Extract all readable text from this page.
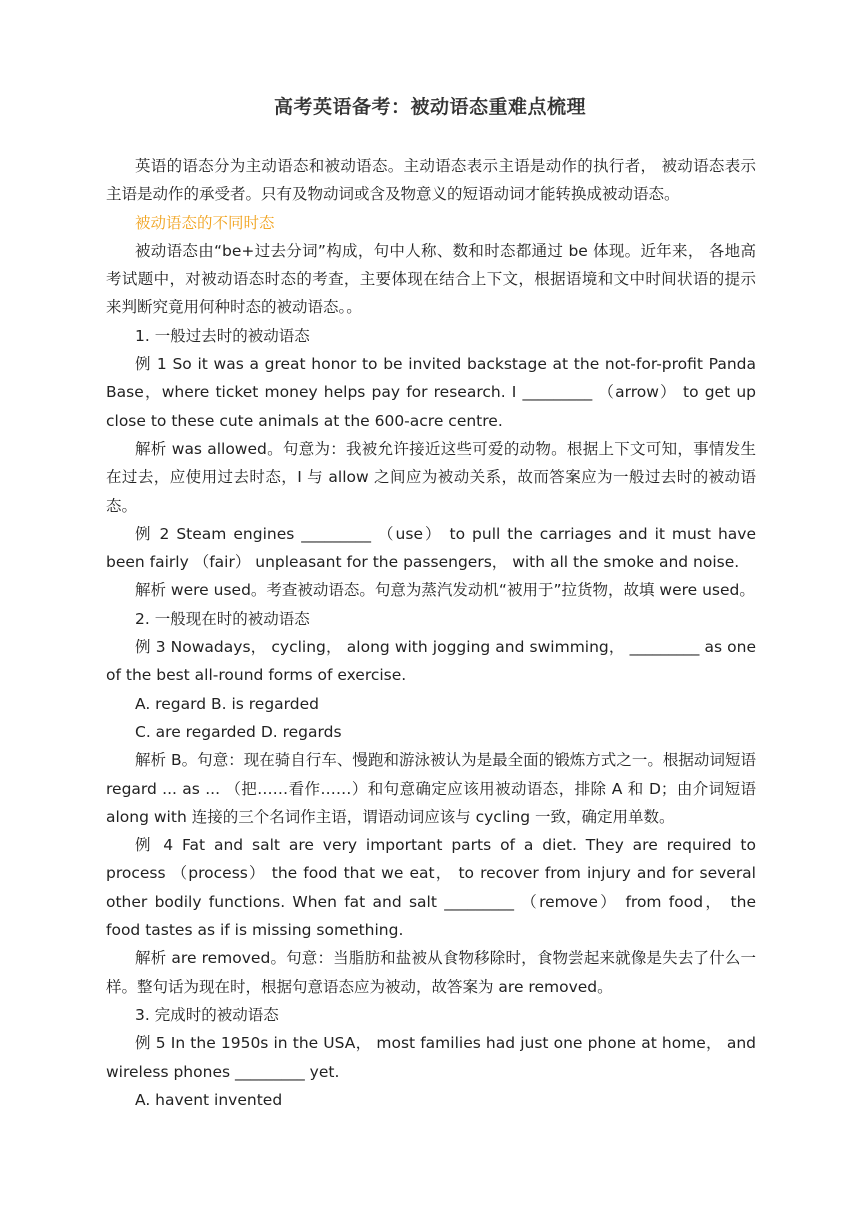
高考英语备考：被动语态重难点梳理

英语的语态分为主动语态和被动语态。主动语态表示主语是动作的执行者， 被动语态表示主语是动作的承受者。只有及物动词或含及物意义的短语动词才能转换成被动语态。

被动语态的不同时态

被动语态由“be+过去分词”构成，句中人称、数和时态都通过 be 体现。近年来， 各地高考试题中，对被动语态时态的考查，主要体现在结合上下文，根据语境和文中时间状语的提示来判断究竟用何种时态的被动语态。。

1. 一般过去时的被动语态

例 1 So it was a great honor to be invited backstage at the not-for-profit Panda Base，where ticket money helps pay for research. I _________ （arrow） to get up close to these cute animals at the 600-acre centre.

解析 was allowed。句意为：我被允许接近这些可爱的动物。根据上下文可知，事情发生在过去，应使用过去时态，I 与 allow 之间应为被动关系，故而答案应为一般过去时的被动语态。

例 2 Steam engines _________ （use） to pull the carriages and it must have been fairly （fair） unpleasant for the passengers， with all the smoke and noise.

解析 were used。考查被动语态。句意为蒸汽发动机“被用于”拉货物，故填 were used。

2. 一般现在时的被动语态

例 3 Nowadays， cycling， along with jogging and swimming， _________ as one of the best all-round forms of exercise.

A. regard B. is regarded

C. are regarded D. regards

解析 B。句意：现在骑自行车、慢跑和游泳被认为是最全面的锻炼方式之一。根据动词短语 regard ... as ... （把……看作……）和句意确定应该用被动语态，排除 A 和 D；由介词短语 along with 连接的三个名词作主语，谓语动词应该与 cycling 一致，确定用单数。

例 4 Fat and salt are very important parts of a diet. They are required to process （process） the food that we eat， to recover from injury and for several other bodily functions. When fat and salt _________ （remove） from food， the food tastes as if is missing something.

解析 are removed。句意：当脂肪和盐被从食物移除时，食物尝起来就像是失去了什么一样。整句话为现在时，根据句意语态应为被动，故答案为 are removed。

3. 完成时的被动语态

例 5 In the 1950s in the USA， most families had just one phone at home， and wireless phones _________ yet.

A. havent invented
